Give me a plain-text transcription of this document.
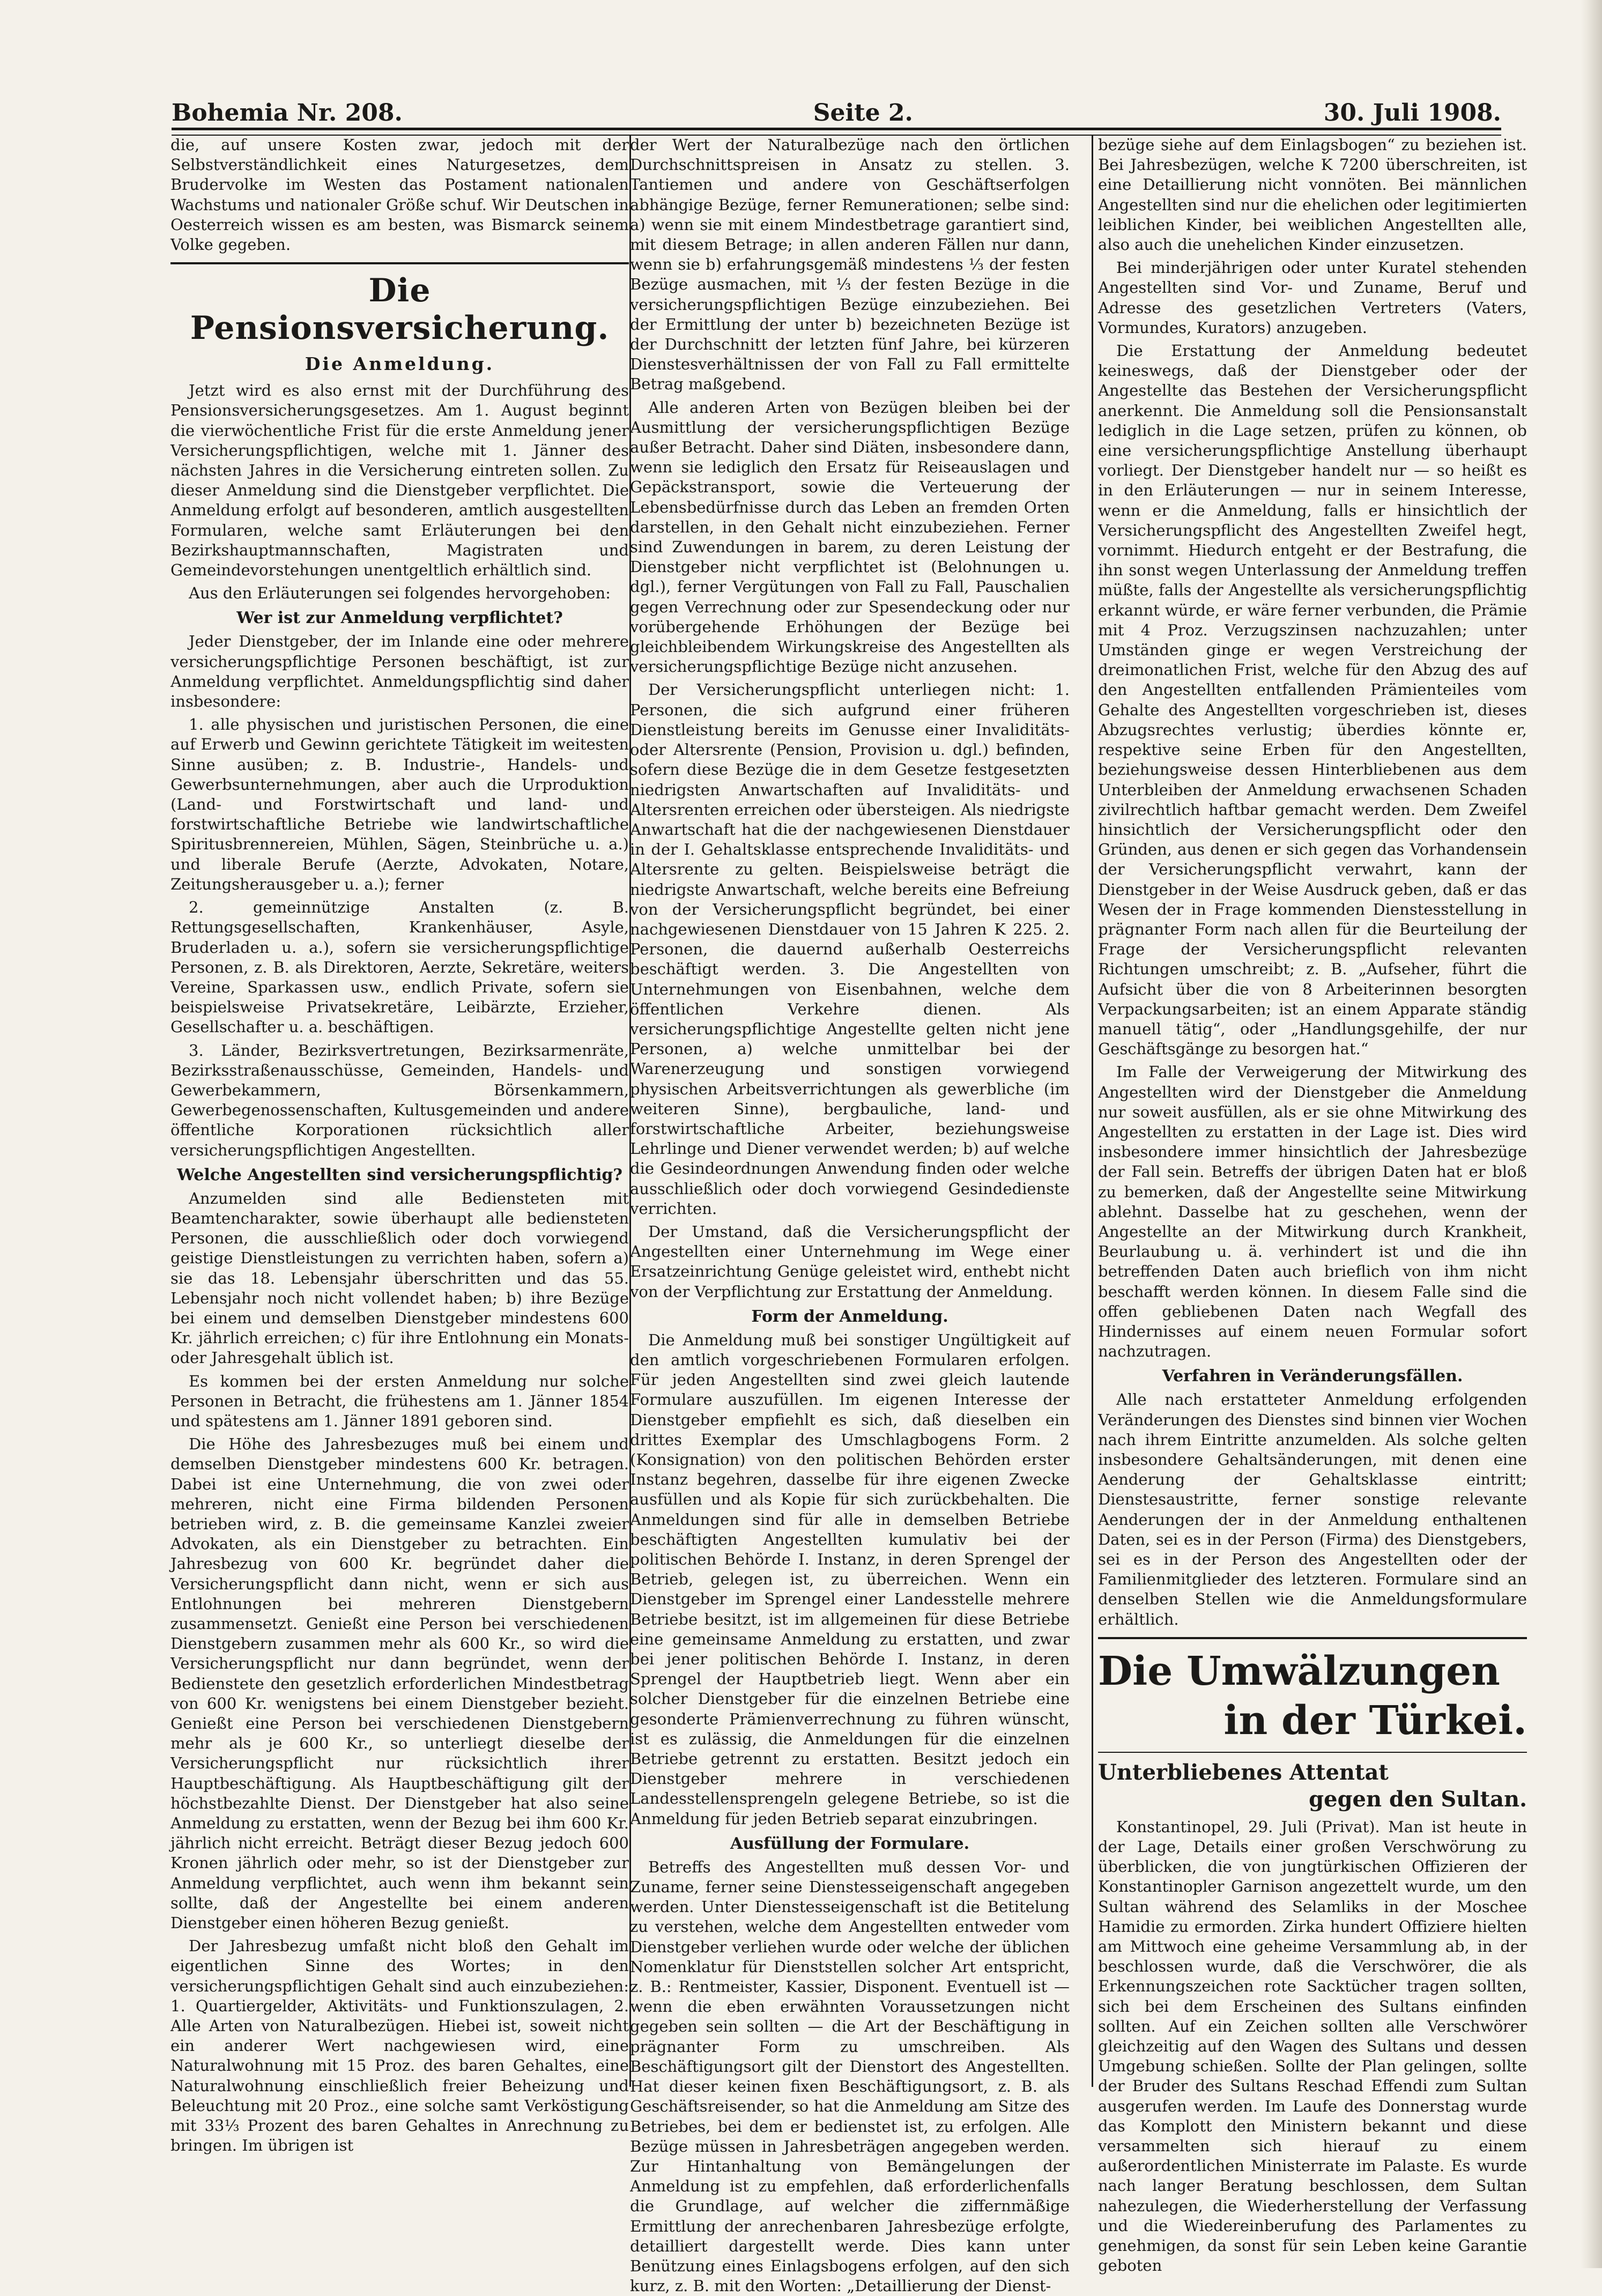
Bohemia Nr. 208.	Seite 2.	30. Juli 1908.

die, auf unsere Kosten zwar, jedoch mit der Selbstverständlichkeit eines Naturgesetzes, dem Brudervolke im Westen das Postament nationalen Wachstums und nationaler Größe schuf. Wir Deutschen in Oesterreich wissen es am besten, was Bismarck seinem Volke gegeben.

Die Pensionsversicherung.
Die Anmeldung.

Jetzt wird es also ernst mit der Durchführung des Pensionsversicherungsgesetzes. Am 1. August beginnt die vierwöchentliche Frist für die erste Anmeldung jener Versicherungspflichtigen, welche mit 1. Jänner des nächsten Jahres in die Versicherung eintreten sollen. Zu dieser Anmeldung sind die Dienstgeber verpflichtet. Die Anmeldung erfolgt auf besonderen, amtlich ausgestellten Formularen, welche samt Erläuterungen bei den Bezirkshauptmannschaften, Magistraten und Gemeindevorstehungen unentgeltlich erhältlich sind.

Aus den Erläuterungen sei folgendes hervorgehoben:

Wer ist zur Anmeldung verpflichtet?

Jeder Dienstgeber, der im Inlande eine oder mehrere versicherungspflichtige Personen beschäftigt, ist zur Anmeldung verpflichtet. Anmeldungspflichtig sind daher insbesondere:

1. alle physischen und juristischen Personen, die eine auf Erwerb und Gewinn gerichtete Tätigkeit im weitesten Sinne ausüben; z. B. Industrie-, Handels- und Gewerbsunternehmungen, aber auch die Urproduktion (Land- und Forstwirtschaft und land- und forstwirtschaftliche Betriebe wie landwirtschaftliche Spiritusbrennereien, Mühlen, Sägen, Steinbrüche u. a.) und liberale Berufe (Aerzte, Advokaten, Notare, Zeitungsherausgeber u. a.); ferner

2. gemeinnützige Anstalten (z. B. Rettungsgesellschaften, Krankenhäuser, Asyle, Bruderladen u. a.), sofern sie versicherungspflichtige Personen, z. B. als Direktoren, Aerzte, Sekretäre, weiters Vereine, Sparkassen usw., endlich Private, sofern sie beispielsweise Privatsekretäre, Leibärzte, Erzieher, Gesellschafter u. a. beschäftigen.

3. Länder, Bezirksvertretungen, Bezirksarmenräte, Bezirksstraßenausschüsse, Gemeinden, Handels- und Gewerbekammern, Börsenkammern, Gewerbegenossenschaften, Kultusgemeinden und andere öffentliche Korporationen rücksichtlich aller versicherungspflichtigen Angestellten.

Welche Angestellten sind versicherungspflichtig?

Anzumelden sind alle Bediensteten mit Beamtencharakter, sowie überhaupt alle bediensteten Personen, die ausschließlich oder doch vorwiegend geistige Dienstleistungen zu verrichten haben, sofern a) sie das 18. Lebensjahr überschritten und das 55. Lebensjahr noch nicht vollendet haben; b) ihre Bezüge bei einem und demselben Dienstgeber mindestens 600 Kr. jährlich erreichen; c) für ihre Entlohnung ein Monats- oder Jahresgehalt üblich ist.

Es kommen bei der ersten Anmeldung nur solche Personen in Betracht, die frühestens am 1. Jänner 1854 und spätestens am 1. Jänner 1891 geboren sind.

Die Höhe des Jahresbezuges muß bei einem und demselben Dienstgeber mindestens 600 Kr. betragen. Dabei ist eine Unternehmung, die von zwei oder mehreren, nicht eine Firma bildenden Personen betrieben wird, z. B. die gemeinsame Kanzlei zweier Advokaten, als ein Dienstgeber zu betrachten. Ein Jahresbezug von 600 Kr. begründet daher die Versicherungspflicht dann nicht, wenn er sich aus Entlohnungen bei mehreren Dienstgebern zusammensetzt. Genießt eine Person bei verschiedenen Dienstgebern zusammen mehr als 600 Kr., so wird die Versicherungspflicht nur dann begründet, wenn der Bedienstete den gesetzlich erforderlichen Mindestbetrag von 600 Kr. wenigstens bei einem Dienstgeber bezieht. Genießt eine Person bei verschiedenen Dienstgebern mehr als je 600 Kr., so unterliegt dieselbe der Versicherungspflicht nur rücksichtlich ihrer Hauptbeschäftigung. Als Hauptbeschäftigung gilt der höchstbezahlte Dienst. Der Dienstgeber hat also seine Anmeldung zu erstatten, wenn der Bezug bei ihm 600 Kr. jährlich nicht erreicht. Beträgt dieser Bezug jedoch 600 Kronen jährlich oder mehr, so ist der Dienstgeber zur Anmeldung verpflichtet, auch wenn ihm bekannt sein sollte, daß der Angestellte bei einem anderen Dienstgeber einen höheren Bezug genießt.

Der Jahresbezug umfaßt nicht bloß den Gehalt im eigentlichen Sinne des Wortes; in den versicherungspflichtigen Gehalt sind auch einzubeziehen: 1. Quartiergelder, Aktivitäts- und Funktionszulagen, 2. Alle Arten von Naturalbezügen. Hiebei ist, soweit nicht ein anderer Wert nachgewiesen wird, eine Naturalwohnung mit 15 Proz. des baren Gehaltes, eine Naturalwohnung einschließlich freier Beheizung und Beleuchtung mit 20 Proz., eine solche samt Verköstigung mit 33⅓ Prozent des baren Gehaltes in Anrechnung zu bringen. Im übrigen ist

der Wert der Naturalbezüge nach den örtlichen Durchschnittspreisen in Ansatz zu stellen. 3. Tantiemen und andere von Geschäftserfolgen abhängige Bezüge, ferner Remunerationen; selbe sind: a) wenn sie mit einem Mindestbetrage garantiert sind, mit diesem Betrage; in allen anderen Fällen nur dann, wenn sie b) erfahrungsgemäß mindestens ⅓ der festen Bezüge ausmachen, mit ⅓ der festen Bezüge in die versicherungspflichtigen Bezüge einzubeziehen. Bei der Ermittlung der unter b) bezeichneten Bezüge ist der Durchschnitt der letzten fünf Jahre, bei kürzeren Dienstesverhältnissen der von Fall zu Fall ermittelte Betrag maßgebend.

Alle anderen Arten von Bezügen bleiben bei der Ausmittlung der versicherungspflichtigen Bezüge außer Betracht. Daher sind Diäten, insbesondere dann, wenn sie lediglich den Ersatz für Reiseauslagen und Gepäckstransport, sowie die Verteuerung der Lebensbedürfnisse durch das Leben an fremden Orten darstellen, in den Gehalt nicht einzubeziehen. Ferner sind Zuwendungen in barem, zu deren Leistung der Dienstgeber nicht verpflichtet ist (Belohnungen u. dgl.), ferner Vergütungen von Fall zu Fall, Pauschalien gegen Verrechnung oder zur Spesendeckung oder nur vorübergehende Erhöhungen der Bezüge bei gleichbleibendem Wirkungskreise des Angestellten als versicherungspflichtige Bezüge nicht anzusehen.

Der Versicherungspflicht unterliegen nicht: 1. Personen, die sich aufgrund einer früheren Dienstleistung bereits im Genusse einer Invaliditäts- oder Altersrente (Pension, Provision u. dgl.) befinden, sofern diese Bezüge die in dem Gesetze festgesetzten niedrigsten Anwartschaften auf Invaliditäts- und Altersrenten erreichen oder übersteigen. Als niedrigste Anwartschaft hat die der nachgewiesenen Dienstdauer in der I. Gehaltsklasse entsprechende Invaliditäts- und Altersrente zu gelten. Beispielsweise beträgt die niedrigste Anwartschaft, welche bereits eine Befreiung von der Versicherungspflicht begründet, bei einer nachgewiesenen Dienstdauer von 15 Jahren K 225. 2. Personen, die dauernd außerhalb Oesterreichs beschäftigt werden. 3. Die Angestellten von Unternehmungen von Eisenbahnen, welche dem öffentlichen Verkehre dienen. Als versicherungspflichtige Angestellte gelten nicht jene Personen, a) welche unmittelbar bei der Warenerzeugung und sonstigen vorwiegend physischen Arbeitsverrichtungen als gewerbliche (im weiteren Sinne), bergbauliche, land- und forstwirtschaftliche Arbeiter, beziehungsweise Lehrlinge und Diener verwendet werden; b) auf welche die Gesindeordnungen Anwendung finden oder welche ausschließlich oder doch vorwiegend Gesindedienste verrichten.

Der Umstand, daß die Versicherungspflicht der Angestellten einer Unternehmung im Wege einer Ersatzeinrichtung Genüge geleistet wird, enthebt nicht von der Verpflichtung zur Erstattung der Anmeldung.

Form der Anmeldung.

Die Anmeldung muß bei sonstiger Ungültigkeit auf den amtlich vorgeschriebenen Formularen erfolgen. Für jeden Angestellten sind zwei gleich lautende Formulare auszufüllen. Im eigenen Interesse der Dienstgeber empfiehlt es sich, daß dieselben ein drittes Exemplar des Umschlagbogens Form. 2 (Konsignation) von den politischen Behörden erster Instanz begehren, dasselbe für ihre eigenen Zwecke ausfüllen und als Kopie für sich zurückbehalten. Die Anmeldungen sind für alle in demselben Betriebe beschäftigten Angestellten kumulativ bei der politischen Behörde I. Instanz, in deren Sprengel der Betrieb, gelegen ist, zu überreichen. Wenn ein Dienstgeber im Sprengel einer Landesstelle mehrere Betriebe besitzt, ist im allgemeinen für diese Betriebe eine gemeinsame Anmeldung zu erstatten, und zwar bei jener politischen Behörde I. Instanz, in deren Sprengel der Hauptbetrieb liegt. Wenn aber ein solcher Dienstgeber für die einzelnen Betriebe eine gesonderte Prämienverrechnung zu führen wünscht, ist es zulässig, die Anmeldungen für die einzelnen Betriebe getrennt zu erstatten. Besitzt jedoch ein Dienstgeber mehrere in verschiedenen Landesstellensprengeln gelegene Betriebe, so ist die Anmeldung für jeden Betrieb separat einzubringen.

Ausfüllung der Formulare.

Betreffs des Angestellten muß dessen Vor- und Zuname, ferner seine Dienstesseigenschaft angegeben werden. Unter Dienstesseigenschaft ist die Betitelung zu verstehen, welche dem Angestellten entweder vom Dienstgeber verliehen wurde oder welche der üblichen Nomenklatur für Dienststellen solcher Art entspricht, z. B.: Rentmeister, Kassier, Disponent. Eventuell ist — wenn die eben erwähnten Voraussetzungen nicht gegeben sein sollten — die Art der Beschäftigung in prägnanter Form zu umschreiben. Als Beschäftigungsort gilt der Dienstort des Angestellten. Hat dieser keinen fixen Beschäftigungsort, z. B. als Geschäftsreisender, so hat die Anmeldung am Sitze des Betriebes, bei dem er bedienstet ist, zu erfolgen. Alle Bezüge müssen in Jahresbeträgen angegeben werden. Zur Hintanhaltung von Bemängelungen der Anmeldung ist zu empfehlen, daß erforderlichenfalls die Grundlage, auf welcher die ziffernmäßige Ermittlung der anrechenbaren Jahresbezüge erfolgte, detailliert dargestellt werde. Dies kann unter Benützung eines Einlagsbogens erfolgen, auf den sich kurz, z. B. mit den Worten: „Detaillierung der Dienst-

bezüge siehe auf dem Einlagsbogen“ zu beziehen ist. Bei Jahresbezügen, welche K 7200 überschreiten, ist eine Detaillierung nicht vonnöten. Bei männlichen Angestellten sind nur die ehelichen oder legitimierten leiblichen Kinder, bei weiblichen Angestellten alle, also auch die unehelichen Kinder einzusetzen.

Bei minderjährigen oder unter Kuratel stehenden Angestellten sind Vor- und Zuname, Beruf und Adresse des gesetzlichen Vertreters (Vaters, Vormundes, Kurators) anzugeben.

Die Erstattung der Anmeldung bedeutet keineswegs, daß der Dienstgeber oder der Angestellte das Bestehen der Versicherungspflicht anerkennt. Die Anmeldung soll die Pensionsanstalt lediglich in die Lage setzen, prüfen zu können, ob eine versicherungspflichtige Anstellung überhaupt vorliegt. Der Dienstgeber handelt nur — so heißt es in den Erläuterungen — nur in seinem Interesse, wenn er die Anmeldung, falls er hinsichtlich der Versicherungspflicht des Angestellten Zweifel hegt, vornimmt. Hiedurch entgeht er der Bestrafung, die ihn sonst wegen Unterlassung der Anmeldung treffen müßte, falls der Angestellte als versicherungspflichtig erkannt würde, er wäre ferner verbunden, die Prämie mit 4 Proz. Verzugszinsen nachzuzahlen; unter Umständen ginge er wegen Verstreichung der dreimonatlichen Frist, welche für den Abzug des auf den Angestellten entfallenden Prämienteiles vom Gehalte des Angestellten vorgeschrieben ist, dieses Abzugsrechtes verlustig; überdies könnte er, respektive seine Erben für den Angestellten, beziehungsweise dessen Hinterbliebenen aus dem Unterbleiben der Anmeldung erwachsenen Schaden zivilrechtlich haftbar gemacht werden. Dem Zweifel hinsichtlich der Versicherungspflicht oder den Gründen, aus denen er sich gegen das Vorhandensein der Versicherungspflicht verwahrt, kann der Dienstgeber in der Weise Ausdruck geben, daß er das Wesen der in Frage kommenden Dienstesstellung in prägnanter Form nach allen für die Beurteilung der Frage der Versicherungspflicht relevanten Richtungen umschreibt; z. B. „Aufseher, führt die Aufsicht über die von 8 Arbeiterinnen besorgten Verpackungsarbeiten; ist an einem Apparate ständig manuell tätig“, oder „Handlungsgehilfe, der nur Geschäftsgänge zu besorgen hat.“

Im Falle der Verweigerung der Mitwirkung des Angestellten wird der Dienstgeber die Anmeldung nur soweit ausfüllen, als er sie ohne Mitwirkung des Angestellten zu erstatten in der Lage ist. Dies wird insbesondere immer hinsichtlich der Jahresbezüge der Fall sein. Betreffs der übrigen Daten hat er bloß zu bemerken, daß der Angestellte seine Mitwirkung ablehnt. Dasselbe hat zu geschehen, wenn der Angestellte an der Mitwirkung durch Krankheit, Beurlaubung u. ä. verhindert ist und die ihn betreffenden Daten auch brieflich von ihm nicht beschafft werden können. In diesem Falle sind die offen gebliebenen Daten nach Wegfall des Hindernisses auf einem neuen Formular sofort nachzutragen.

Verfahren in Veränderungsfällen.

Alle nach erstatteter Anmeldung erfolgenden Veränderungen des Dienstes sind binnen vier Wochen nach ihrem Eintritte anzumelden. Als solche gelten insbesondere Gehaltsänderungen, mit denen eine Aenderung der Gehaltsklasse eintritt; Dienstesaustritte, ferner sonstige relevante Aenderungen der in der Anmeldung enthaltenen Daten, sei es in der Person (Firma) des Dienstgebers, sei es in der Person des Angestellten oder der Familienmitglieder des letzteren. Formulare sind an denselben Stellen wie die Anmeldungsformulare erhältlich.

Die Umwälzungen
in der Türkei.
Unterbliebenes Attentat
gegen den Sultan.

Konstantinopel, 29. Juli (Privat). Man ist heute in der Lage, Details einer großen Verschwörung zu überblicken, die von jungtürkischen Offizieren der Konstantinopler Garnison angezettelt wurde, um den Sultan während des Selamliks in der Moschee Hamidie zu ermorden. Zirka hundert Offiziere hielten am Mittwoch eine geheime Versammlung ab, in der beschlossen wurde, daß die Verschwörer, die als Erkennungszeichen rote Sacktücher tragen sollten, sich bei dem Erscheinen des Sultans einfinden sollten. Auf ein Zeichen sollten alle Verschwörer gleichzeitig auf den Wagen des Sultans und dessen Umgebung schießen. Sollte der Plan gelingen, sollte der Bruder des Sultans Reschad Effendi zum Sultan ausgerufen werden. Im Laufe des Donnerstag wurde das Komplott den Ministern bekannt und diese versammelten sich hierauf zu einem außerordentlichen Ministerrate im Palaste. Es wurde nach langer Beratung beschlossen, dem Sultan nahezulegen, die Wiederherstellung der Verfassung und die Wiedereinberufung des Parlamentes zu genehmigen, da sonst für sein Leben keine Garantie geboten
